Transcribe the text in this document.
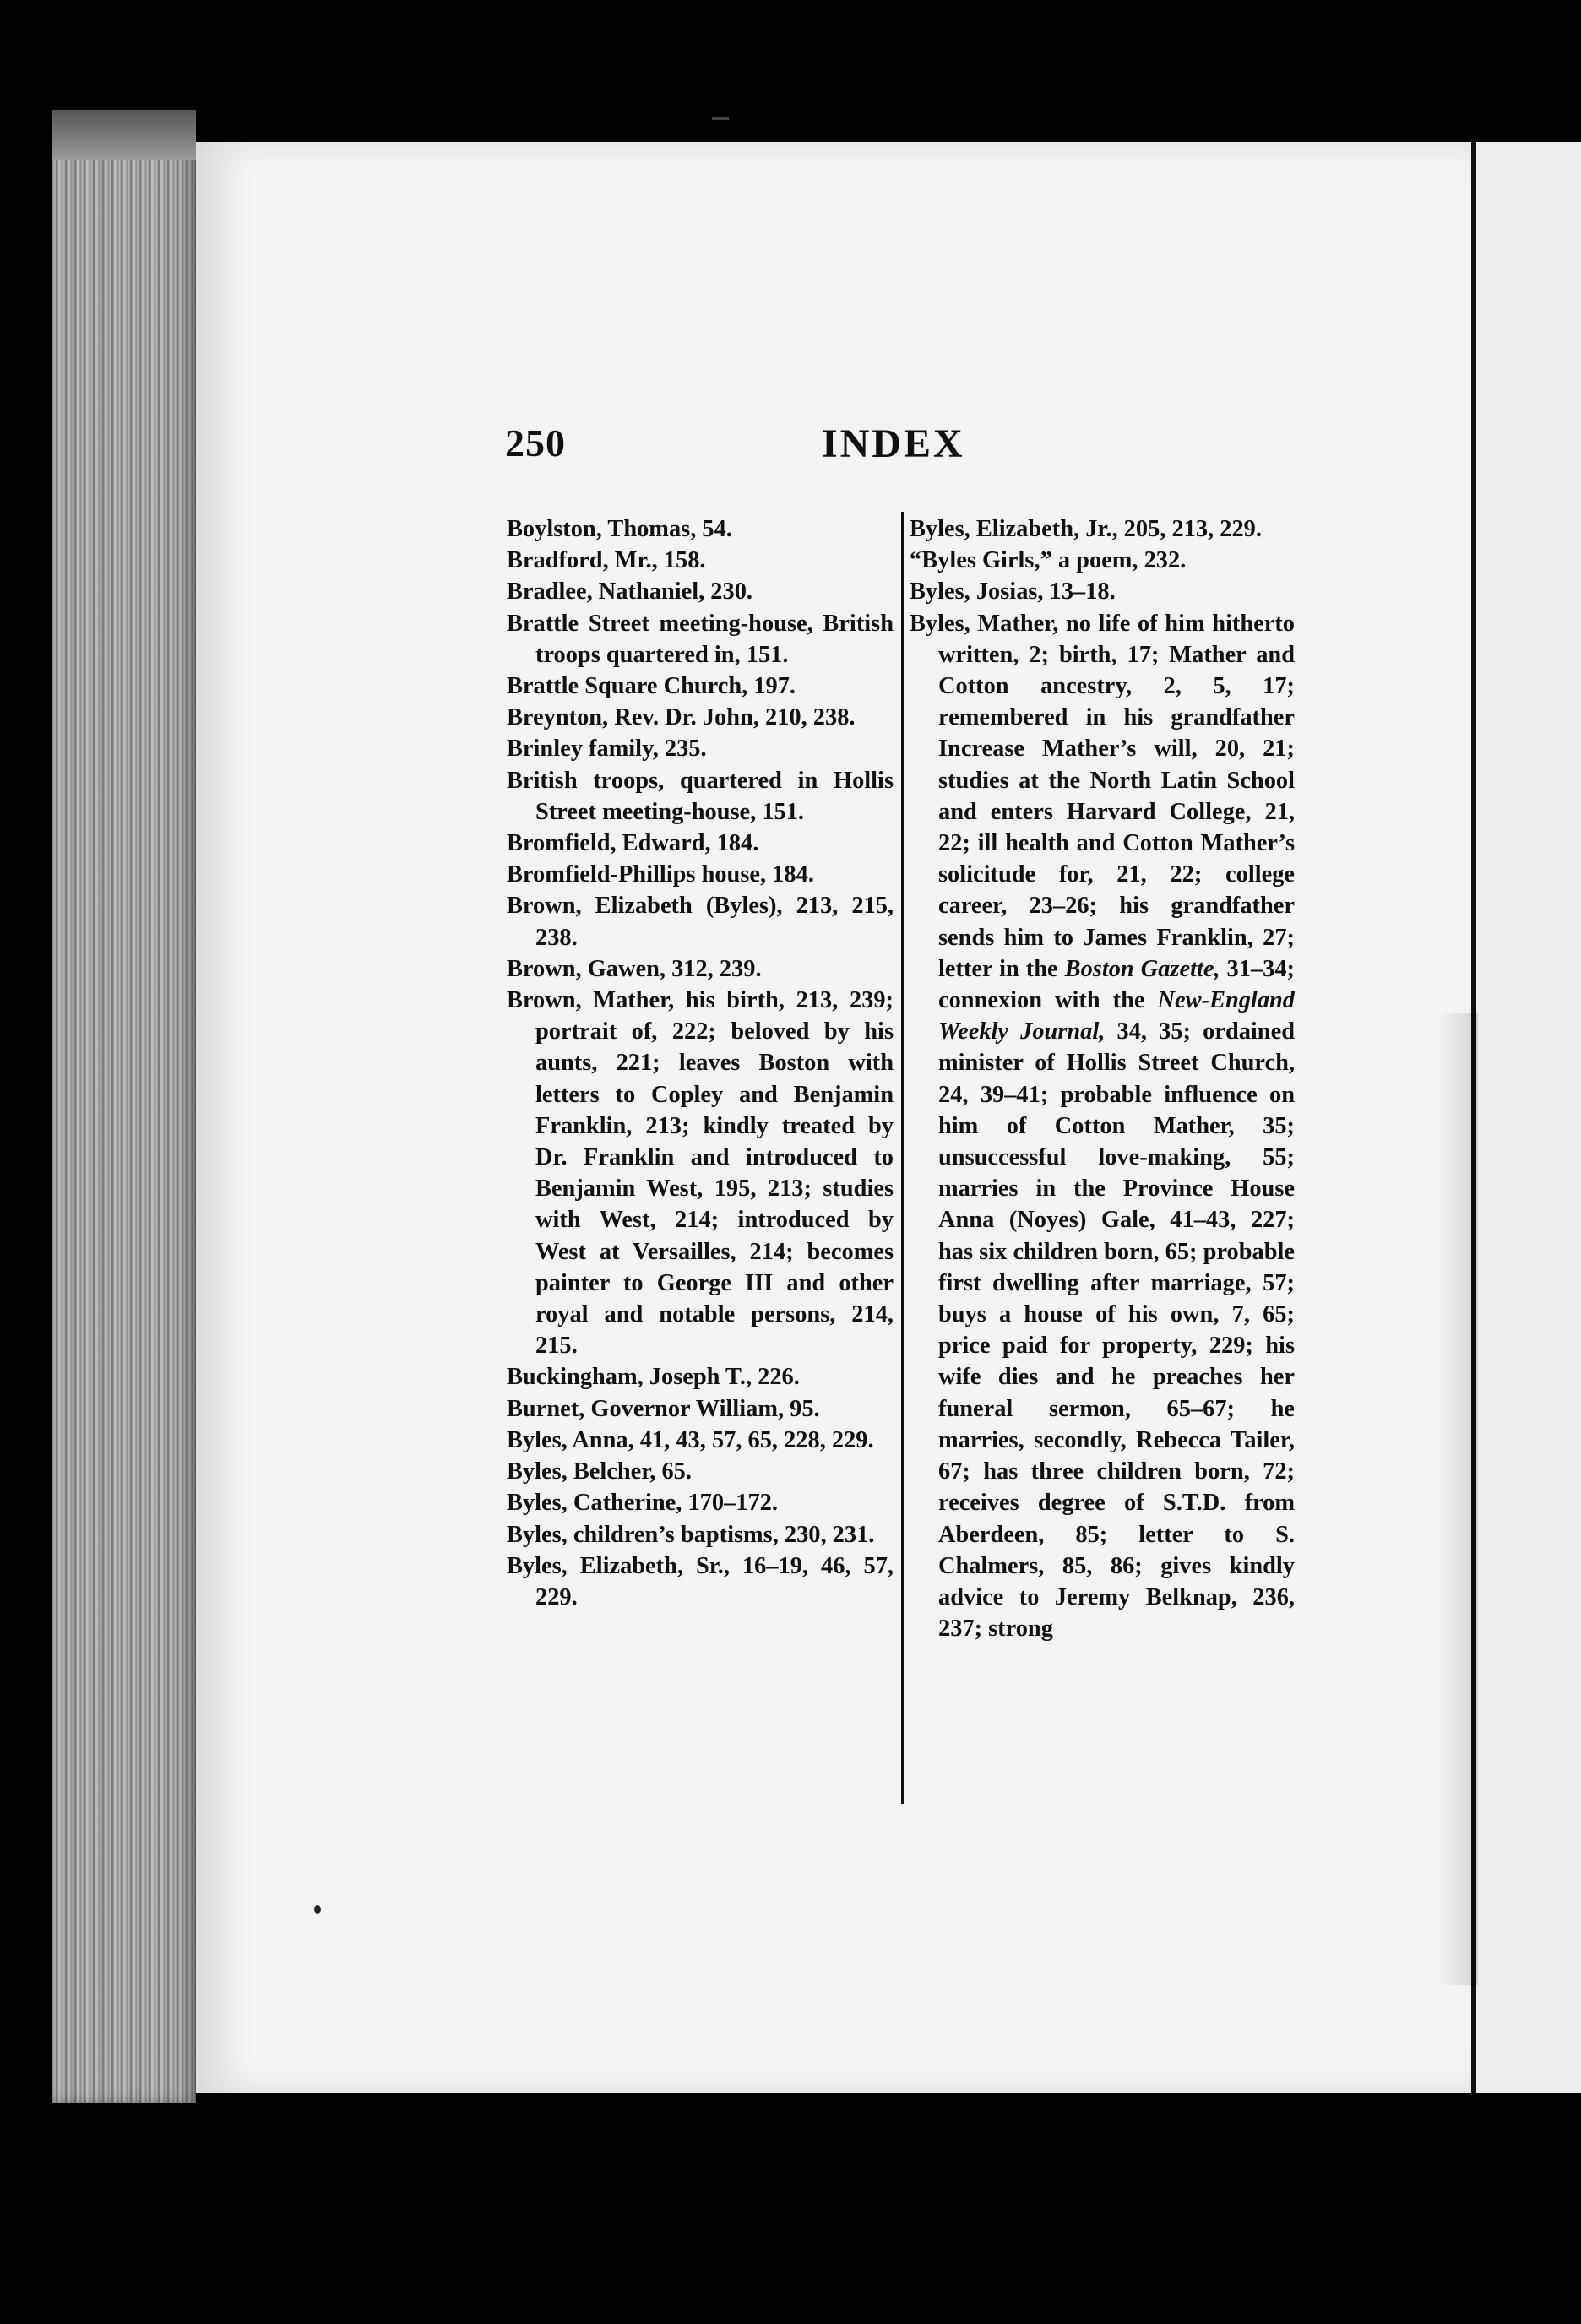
250	INDEX

Boylston, Thomas, 54.

Bradford, Mr., 158.

Bradlee, Nathaniel, 230.

Brattle Street meeting-house, British troops quartered in, 151.

Brattle Square Church, 197.

Breynton, Rev. Dr. John, 210, 238.

Brinley family, 235.

British troops, quartered in Hollis Street meeting-house, 151.

Bromfield, Edward, 184.

Bromfield-Phillips house, 184.

Brown, Elizabeth (Byles), 213, 215, 238.

Brown, Gawen, 312, 239.

Brown, Mather, his birth, 213, 239; portrait of, 222; beloved by his aunts, 221; leaves Boston with letters to Copley and Benjamin Franklin, 213; kindly treated by Dr. Franklin and introduced to Benjamin West, 195, 213; studies with West, 214; introduced by West at Versailles, 214; becomes painter to George III and other royal and notable persons, 214, 215.

Buckingham, Joseph T., 226.

Burnet, Governor William, 95.

Byles, Anna, 41, 43, 57, 65, 228, 229.

Byles, Belcher, 65.

Byles, Catherine, 170–172.

Byles, children’s baptisms, 230, 231.

Byles, Elizabeth, Sr., 16–19, 46, 57, 229.

Byles, Elizabeth, Jr., 205, 213, 229.

“Byles Girls,” a poem, 232.

Byles, Josias, 13–18.

Byles, Mather, no life of him hitherto written, 2; birth, 17; Mather and Cotton ancestry, 2, 5, 17; remembered in his grandfather Increase Mather’s will, 20, 21; studies at the North Latin School and enters Harvard College, 21, 22; ill health and Cotton Mather’s solicitude for, 21, 22; college career, 23–26; his grandfather sends him to James Franklin, 27; letter in the Boston Gazette, 31–34; connexion with the New-England Weekly Journal, 34, 35; ordained minister of Hollis Street Church, 24, 39–41; probable influence on him of Cotton Mather, 35; unsuccessful love-making, 55; marries in the Province House Anna (Noyes) Gale, 41–43, 227; has six children born, 65; probable first dwelling after marriage, 57; buys a house of his own, 7, 65; price paid for property, 229; his wife dies and he preaches her funeral sermon, 65–67; he marries, secondly, Rebecca Tailer, 67; has three children born, 72; receives degree of S.T.D. from Aberdeen, 85; letter to S. Chalmers, 85, 86; gives kindly advice to Jeremy Belknap, 236, 237; strong
